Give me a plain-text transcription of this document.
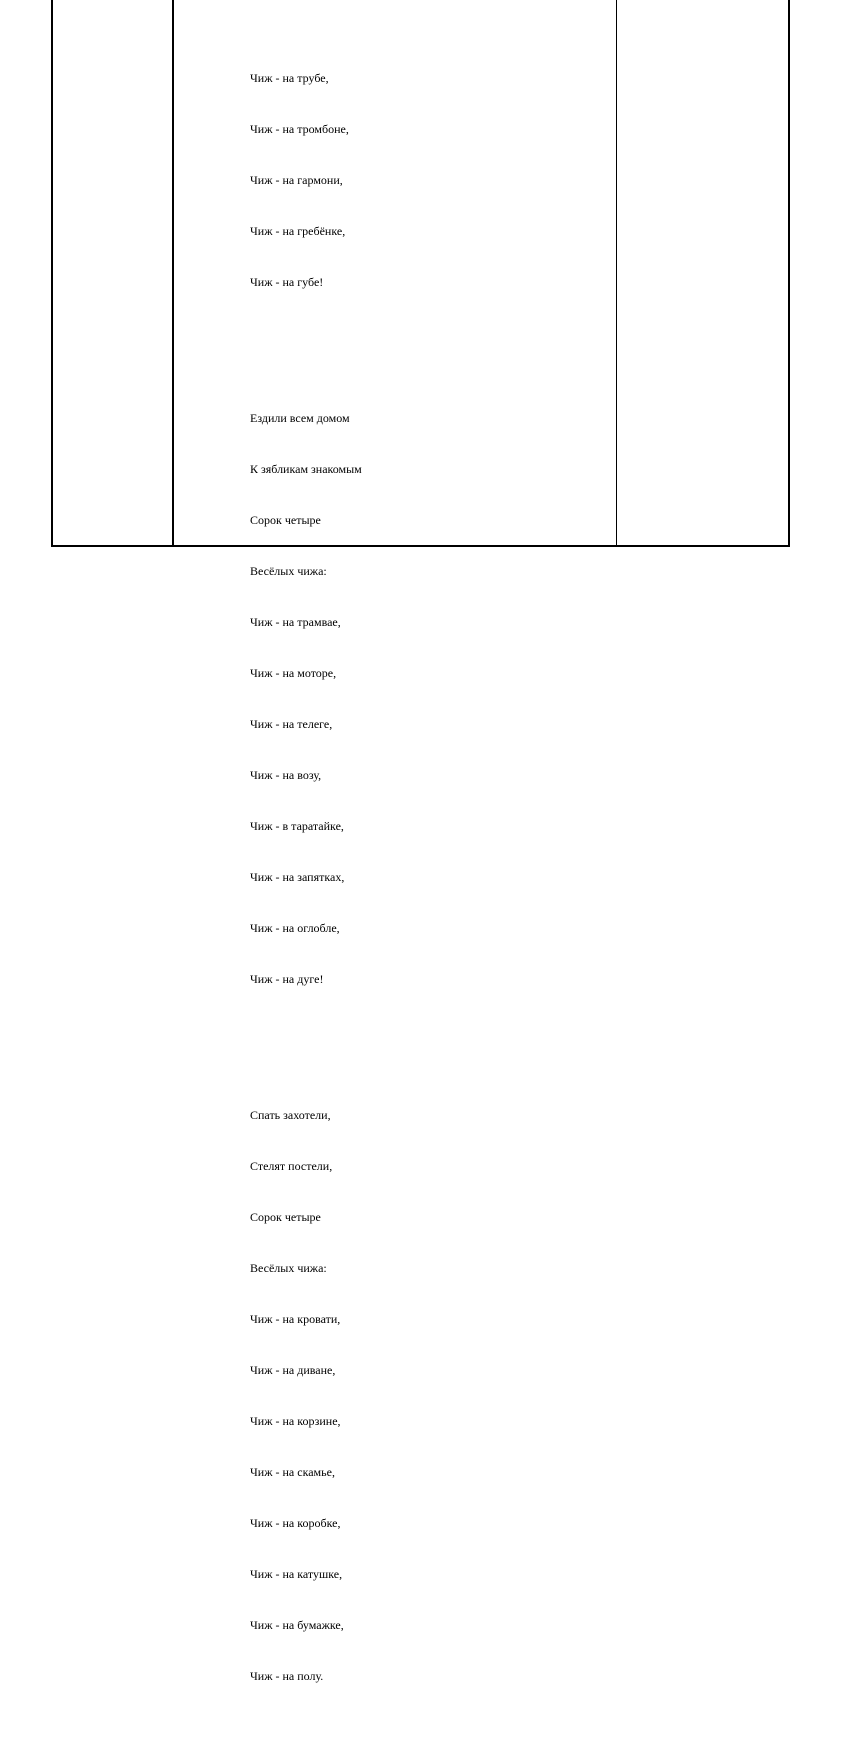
Чиж - на трубе,

Чиж - на тромбоне,

Чиж - на гармони,

Чиж - на гребёнке,

Чиж - на губе!

Ездили всем домом

К зябликам знакомым

Сорок четыре

Весёлых чижа:

Чиж - на трамвае,

Чиж - на моторе,

Чиж - на телеге,

Чиж - на возу,

Чиж - в таратайке,

Чиж - на запятках,

Чиж - на оглобле,

Чиж - на дуге!

Спать захотели,

Стелят постели,

Сорок четыре

Весёлых чижа:

Чиж - на кровати,

Чиж - на диване,

Чиж - на корзине,

Чиж - на скамье,

Чиж - на коробке,

Чиж - на катушке,

Чиж - на бумажке,

Чиж - на полу.
